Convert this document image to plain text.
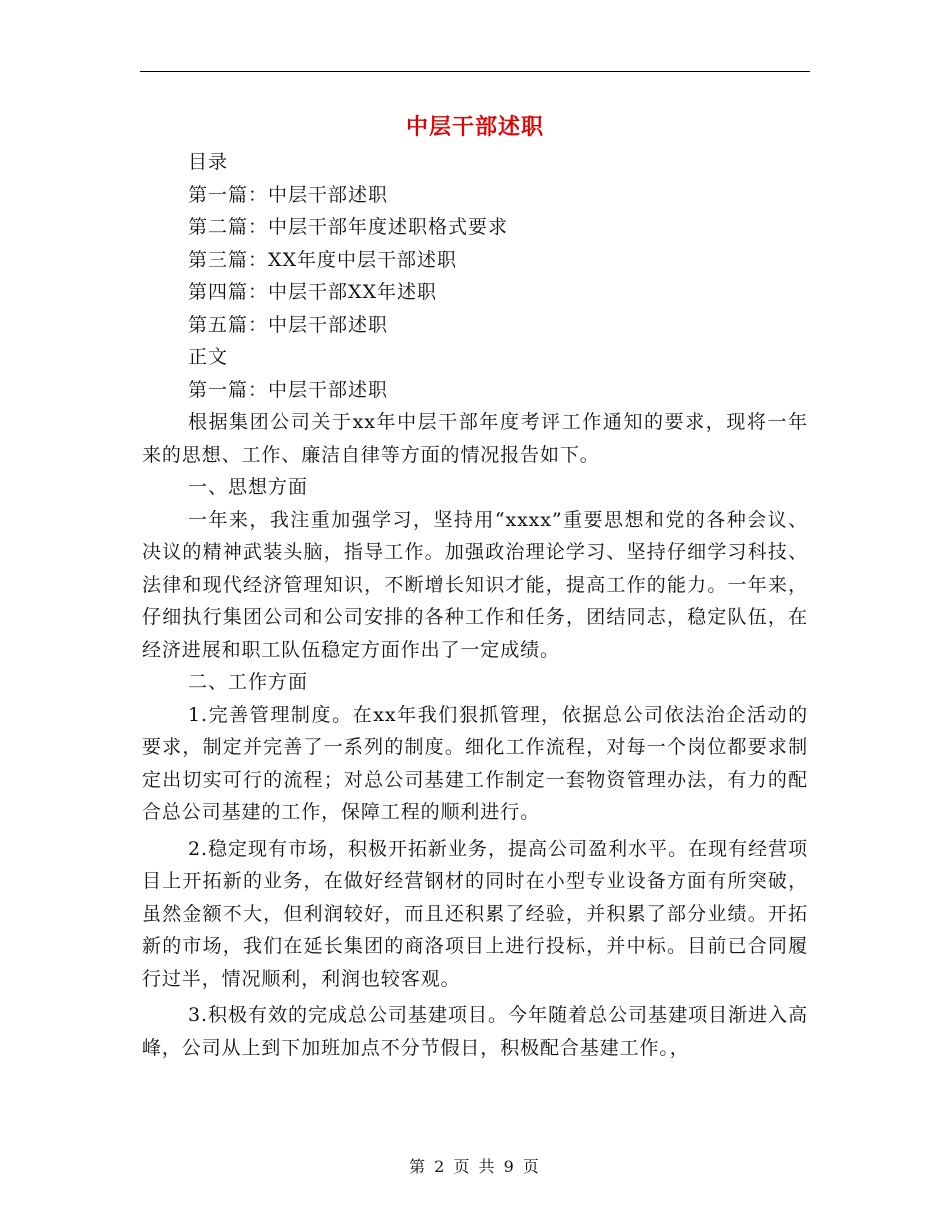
中层干部述职
目录
第一篇：中层干部述职
第二篇：中层干部年度述职格式要求
第三篇：XX年度中层干部述职
第四篇：中层干部XX年述职
第五篇：中层干部述职
正文
第一篇：中层干部述职

根据集团公司关于xx年中层干部年度考评工作通知的要求，现将一年来的思想、工作、廉洁自律等方面的情况报告如下。

一、思想方面

一年来，我注重加强学习，坚持用“xxxx”重要思想和党的各种会议、决议的精神武装头脑，指导工作。加强政治理论学习、坚持仔细学习科技、法律和现代经济管理知识，不断增长知识才能，提高工作的能力。一年来，仔细执行集团公司和公司安排的各种工作和任务，团结同志，稳定队伍，在经济进展和职工队伍稳定方面作出了一定成绩。

二、工作方面

1.完善管理制度。在xx年我们狠抓管理，依据总公司依法治企活动的要求，制定并完善了一系列的制度。细化工作流程，对每一个岗位都要求制定出切实可行的流程；对总公司基建工作制定一套物资管理办法，有力的配合总公司基建的工作，保障工程的顺利进行。

2.稳定现有市场，积极开拓新业务，提高公司盈利水平。在现有经营项目上开拓新的业务，在做好经营钢材的同时在小型专业设备方面有所突破，虽然金额不大，但利润较好，而且还积累了经验，并积累了部分业绩。开拓新的市场，我们在延长集团的商洛项目上进行投标，并中标。目前已合同履行过半，情况顺利，利润也较客观。

3.积极有效的完成总公司基建项目。今年随着总公司基建项目渐进入高峰，公司从上到下加班加点不分节假日，积极配合基建工作。，

第 2 页 共 9 页
